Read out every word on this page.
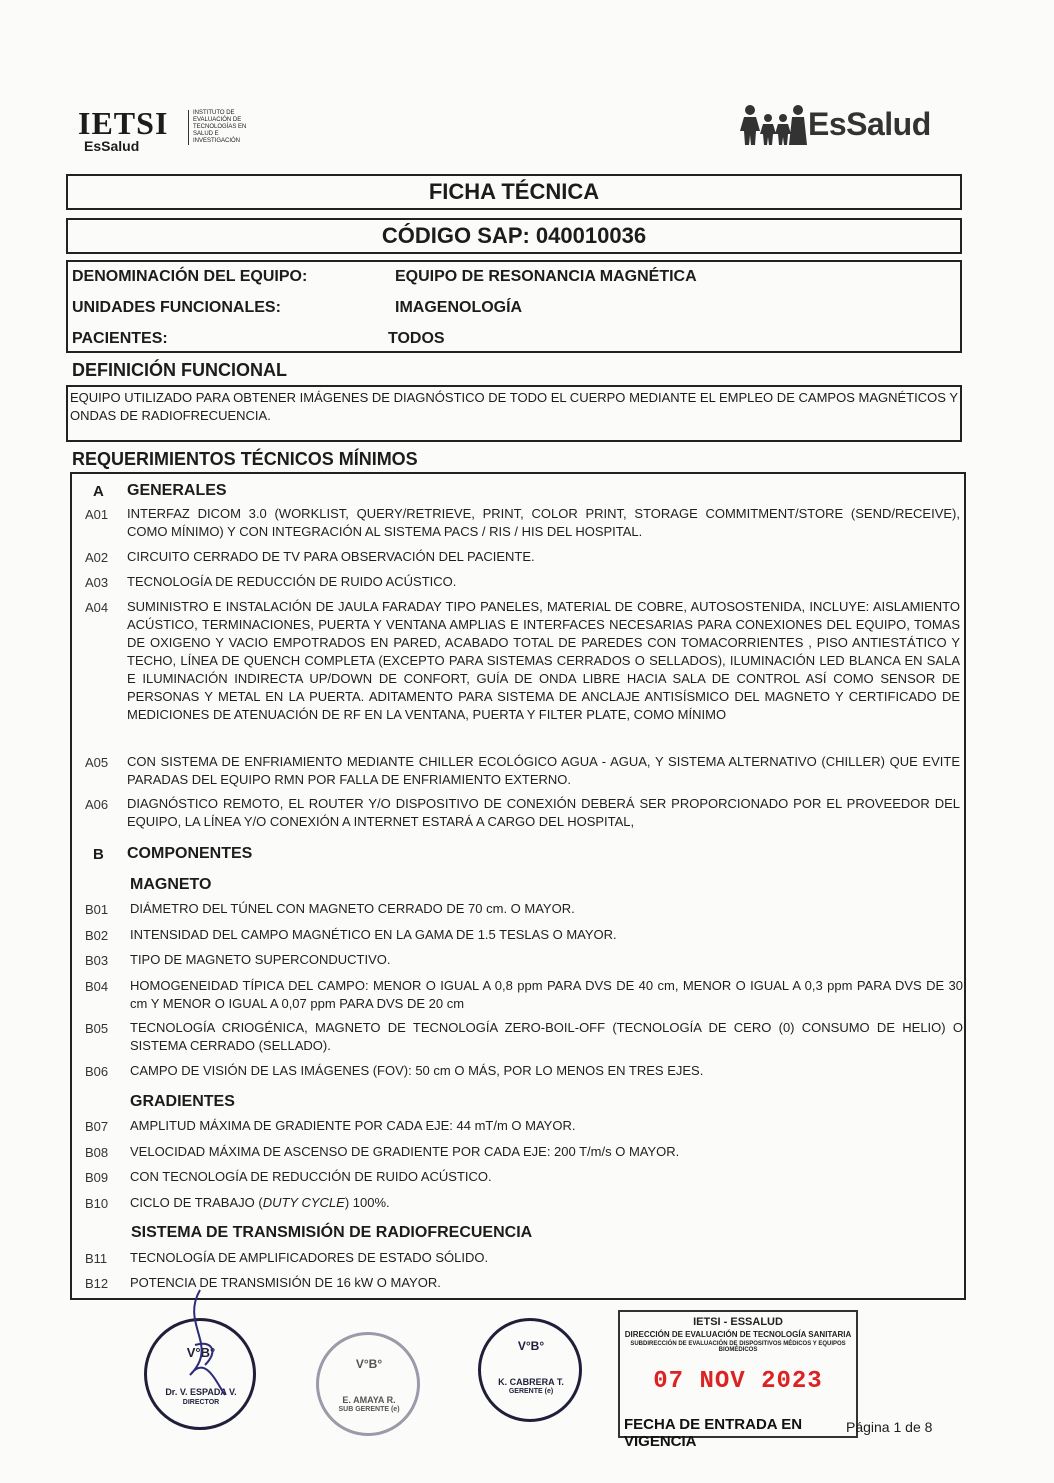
IETSI
EsSalud
INSTITUTO DE EVALUACIÓN DE TECNOLOGÍAS EN SALUD E INVESTIGACIÓN	EsSalud
FICHA TÉCNICA
CÓDIGO SAP: 040010036
DENOMINACIÓN DEL EQUIPO:	EQUIPO DE RESONANCIA MAGNÉTICA
UNIDADES FUNCIONALES:	IMAGENOLOGÍA
PACIENTES:	TODOS
DEFINICIÓN FUNCIONAL
EQUIPO UTILIZADO PARA OBTENER IMÁGENES DE DIAGNÓSTICO DE TODO EL CUERPO MEDIANTE EL EMPLEO DE CAMPOS MAGNÉTICOS Y ONDAS DE RADIOFRECUENCIA.
REQUERIMIENTOS TÉCNICOS MÍNIMOS
A GENERALES
A01 INTERFAZ DICOM 3.0 (WORKLIST, QUERY/RETRIEVE, PRINT, COLOR PRINT, STORAGE COMMITMENT/STORE (SEND/RECEIVE), COMO MÍNIMO) Y CON INTEGRACIÓN AL SISTEMA PACS / RIS / HIS DEL HOSPITAL.
A02 CIRCUITO CERRADO DE TV PARA OBSERVACIÓN DEL PACIENTE.
A03 TECNOLOGÍA DE REDUCCIÓN DE RUIDO ACÚSTICO.
A04 SUMINISTRO E INSTALACIÓN DE JAULA FARADAY TIPO PANELES, MATERIAL DE COBRE, AUTOSOSTENIDA, INCLUYE: AISLAMIENTO ACÚSTICO, TERMINACIONES, PUERTA Y VENTANA AMPLIAS E INTERFACES NECESARIAS PARA CONEXIONES DEL EQUIPO, TOMAS DE OXIGENO Y VACIO EMPOTRADOS EN PARED, ACABADO TOTAL DE PAREDES CON TOMACORRIENTES , PISO ANTIESTÁTICO Y TECHO, LÍNEA DE QUENCH COMPLETA (EXCEPTO PARA SISTEMAS CERRADOS O SELLADOS), ILUMINACIÓN LED BLANCA EN SALA E ILUMINACIÓN INDIRECTA UP/DOWN DE CONFORT, GUÍA DE ONDA LIBRE HACIA SALA DE CONTROL ASÍ COMO SENSOR DE PERSONAS Y METAL EN LA PUERTA. ADITAMENTO PARA SISTEMA DE ANCLAJE ANTISÍSMICO DEL MAGNETO Y CERTIFICADO DE MEDICIONES DE ATENUACIÓN DE RF EN LA VENTANA, PUERTA Y FILTER PLATE, COMO MÍNIMO
A05 CON SISTEMA DE ENFRIAMIENTO MEDIANTE CHILLER ECOLÓGICO AGUA - AGUA, Y SISTEMA ALTERNATIVO (CHILLER) QUE EVITE PARADAS DEL EQUIPO RMN POR FALLA DE ENFRIAMIENTO EXTERNO.
A06 DIAGNÓSTICO REMOTO, EL ROUTER Y/O DISPOSITIVO DE CONEXIÓN DEBERÁ SER PROPORCIONADO POR EL PROVEEDOR DEL EQUIPO, LA LÍNEA Y/O CONEXIÓN A INTERNET ESTARÁ A CARGO DEL HOSPITAL,
B COMPONENTES
MAGNETO
B01 DIÁMETRO DEL TÚNEL CON MAGNETO CERRADO DE 70 cm. O MAYOR.
B02 INTENSIDAD DEL CAMPO MAGNÉTICO EN LA GAMA DE 1.5 TESLAS O MAYOR.
B03 TIPO DE MAGNETO SUPERCONDUCTIVO.
B04 HOMOGENEIDAD TÍPICA DEL CAMPO: MENOR O IGUAL A 0,8 ppm PARA DVS DE 40 cm, MENOR O IGUAL A 0,3 ppm PARA DVS DE 30 cm Y MENOR O IGUAL A 0,07 ppm PARA DVS DE 20 cm
B05 TECNOLOGÍA CRIOGÉNICA, MAGNETO DE TECNOLOGÍA ZERO-BOIL-OFF (TECNOLOGÍA DE CERO (0) CONSUMO DE HELIO) O SISTEMA CERRADO (SELLADO).
B06 CAMPO DE VISIÓN DE LAS IMÁGENES (FOV): 50 cm O MÁS, POR LO MENOS EN TRES EJES.
GRADIENTES
B07 AMPLITUD MÁXIMA DE GRADIENTE POR CADA EJE: 44 mT/m O MAYOR.
B08 VELOCIDAD MÁXIMA DE ASCENSO DE GRADIENTE POR CADA EJE: 200 T/m/s O MAYOR.
B09 CON TECNOLOGÍA DE REDUCCIÓN DE RUIDO ACÚSTICO.
B10 CICLO DE TRABAJO (DUTY CYCLE) 100%.
SISTEMA DE TRANSMISIÓN DE RADIOFRECUENCIA
B11 TECNOLOGÍA DE AMPLIFICADORES DE ESTADO SÓLIDO.
B12 POTENCIA DE TRANSMISIÓN DE 16 kW O MAYOR.
V°B°
Dr. V. ESPADA V.
DIRECTOR
V°B°
E. AMAYA R.
SUB GERENTE (e)
V°B°
K. CABRERA T.
GERENTE (e)
IETSI - ESSALUD
DIRECCIÓN DE EVALUACIÓN DE TECNOLOGÍA SANITARIA
SUBDIRECCIÓN DE EVALUACIÓN DE DISPOSITIVOS MÉDICOS Y EQUIPOS BIOMÉDICOS
07 NOV 2023
FECHA DE ENTRADA EN VIGENCIA
Página 1 de 8
